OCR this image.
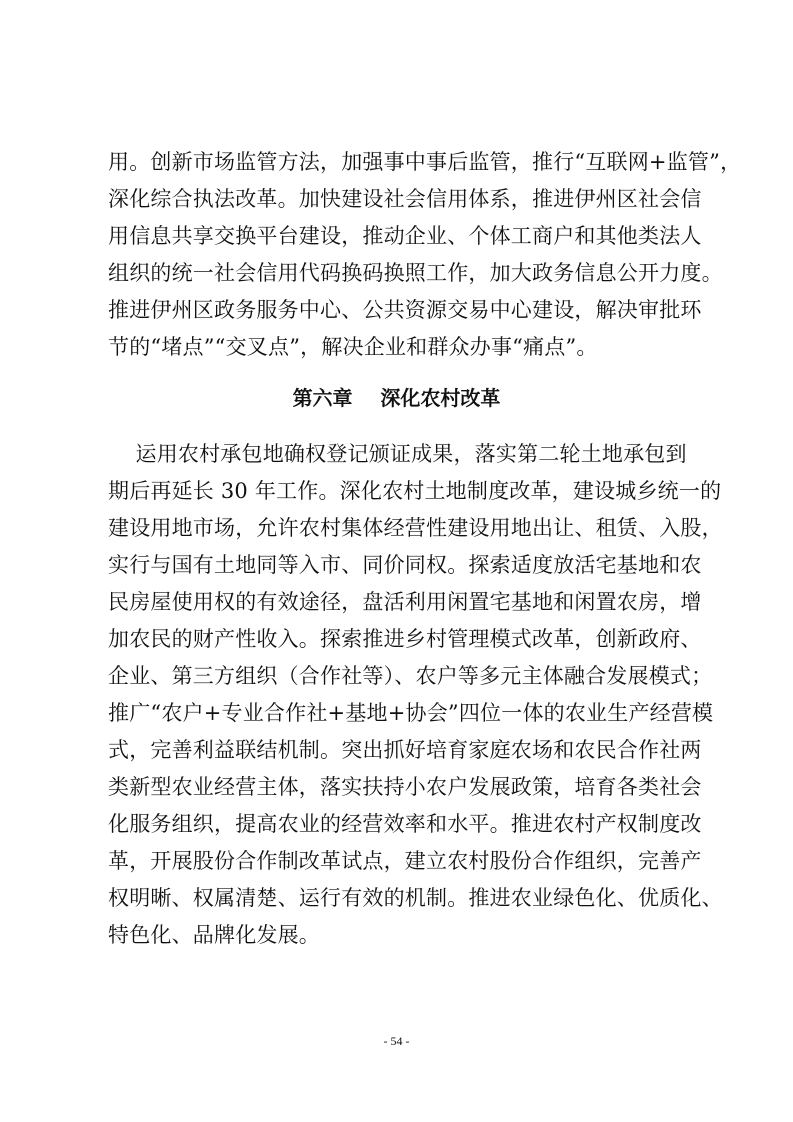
用。创新市场监管方法，加强事中事后监管，推行“互联网+监管”，
深化综合执法改革。加快建设社会信用体系，推进伊州区社会信
用信息共享交换平台建设，推动企业、个体工商户和其他类法人
组织的统一社会信用代码换码换照工作，加大政务信息公开力度。
推进伊州区政务服务中心、公共资源交易中心建设，解决审批环
节的“堵点”“交叉点”，解决企业和群众办事“痛点”。
第六章    深化农村改革
运用农村承包地确权登记颁证成果，落实第二轮土地承包到
期后再延长 30 年工作。深化农村土地制度改革，建设城乡统一的
建设用地市场，允许农村集体经营性建设用地出让、租赁、入股，
实行与国有土地同等入市、同价同权。探索适度放活宅基地和农
民房屋使用权的有效途径，盘活利用闲置宅基地和闲置农房，增
加农民的财产性收入。探索推进乡村管理模式改革，创新政府、
企业、第三方组织（合作社等）、农户等多元主体融合发展模式；
推广“农户+专业合作社+基地+协会”四位一体的农业生产经营模
式，完善利益联结机制。突出抓好培育家庭农场和农民合作社两
类新型农业经营主体，落实扶持小农户发展政策，培育各类社会
化服务组织，提高农业的经营效率和水平。推进农村产权制度改
革，开展股份合作制改革试点，建立农村股份合作组织，完善产
权明晰、权属清楚、运行有效的机制。推进农业绿色化、优质化、
特色化、品牌化发展。
- 54 -
